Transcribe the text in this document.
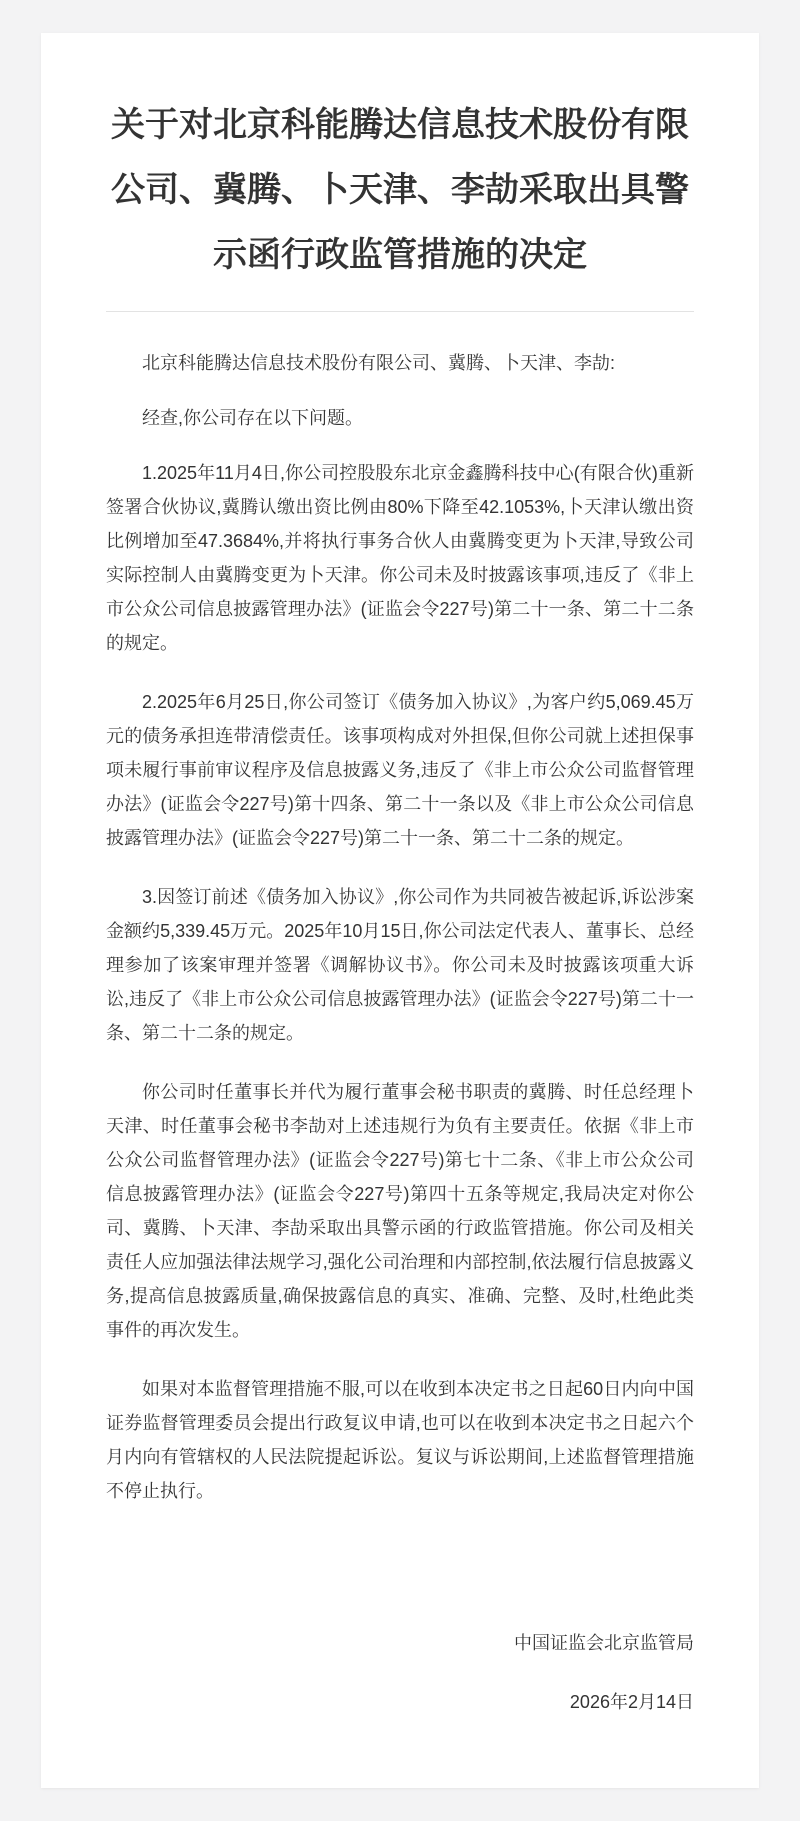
关于对北京科能腾达信息技术股份有限公司、冀腾、卜天津、李劼采取出具警示函行政监管措施的决定

北京科能腾达信息技术股份有限公司、冀腾、卜天津、李劼:

经查,你公司存在以下问题。

1.2025年11月4日,你公司控股股东北京金鑫腾科技中心(有限合伙)重新签署合伙协议,冀腾认缴出资比例由80%下降至42.1053%,卜天津认缴出资比例增加至47.3684%,并将执行事务合伙人由冀腾变更为卜天津,导致公司实际控制人由冀腾变更为卜天津。你公司未及时披露该事项,违反了《非上市公众公司信息披露管理办法》(证监会令227号)第二十一条、第二十二条的规定。

2.2025年6月25日,你公司签订《债务加入协议》,为客户约5,069.45万元的债务承担连带清偿责任。该事项构成对外担保,但你公司就上述担保事项未履行事前审议程序及信息披露义务,违反了《非上市公众公司监督管理办法》(证监会令227号)第十四条、第二十一条以及《非上市公众公司信息披露管理办法》(证监会令227号)第二十一条、第二十二条的规定。

3.因签订前述《债务加入协议》,你公司作为共同被告被起诉,诉讼涉案金额约5,339.45万元。2025年10月15日,你公司法定代表人、董事长、总经理参加了该案审理并签署《调解协议书》。你公司未及时披露该项重大诉讼,违反了《非上市公众公司信息披露管理办法》(证监会令227号)第二十一条、第二十二条的规定。

你公司时任董事长并代为履行董事会秘书职责的冀腾、时任总经理卜天津、时任董事会秘书李劼对上述违规行为负有主要责任。依据《非上市公众公司监督管理办法》(证监会令227号)第七十二条、《非上市公众公司信息披露管理办法》(证监会令227号)第四十五条等规定,我局决定对你公司、冀腾、卜天津、李劼采取出具警示函的行政监管措施。你公司及相关责任人应加强法律法规学习,强化公司治理和内部控制,依法履行信息披露义务,提高信息披露质量,确保披露信息的真实、准确、完整、及时,杜绝此类事件的再次发生。

如果对本监督管理措施不服,可以在收到本决定书之日起60日内向中国证券监督管理委员会提出行政复议申请,也可以在收到本决定书之日起六个月内向有管辖权的人民法院提起诉讼。复议与诉讼期间,上述监督管理措施不停止执行。

中国证监会北京监管局
2026年2月14日
